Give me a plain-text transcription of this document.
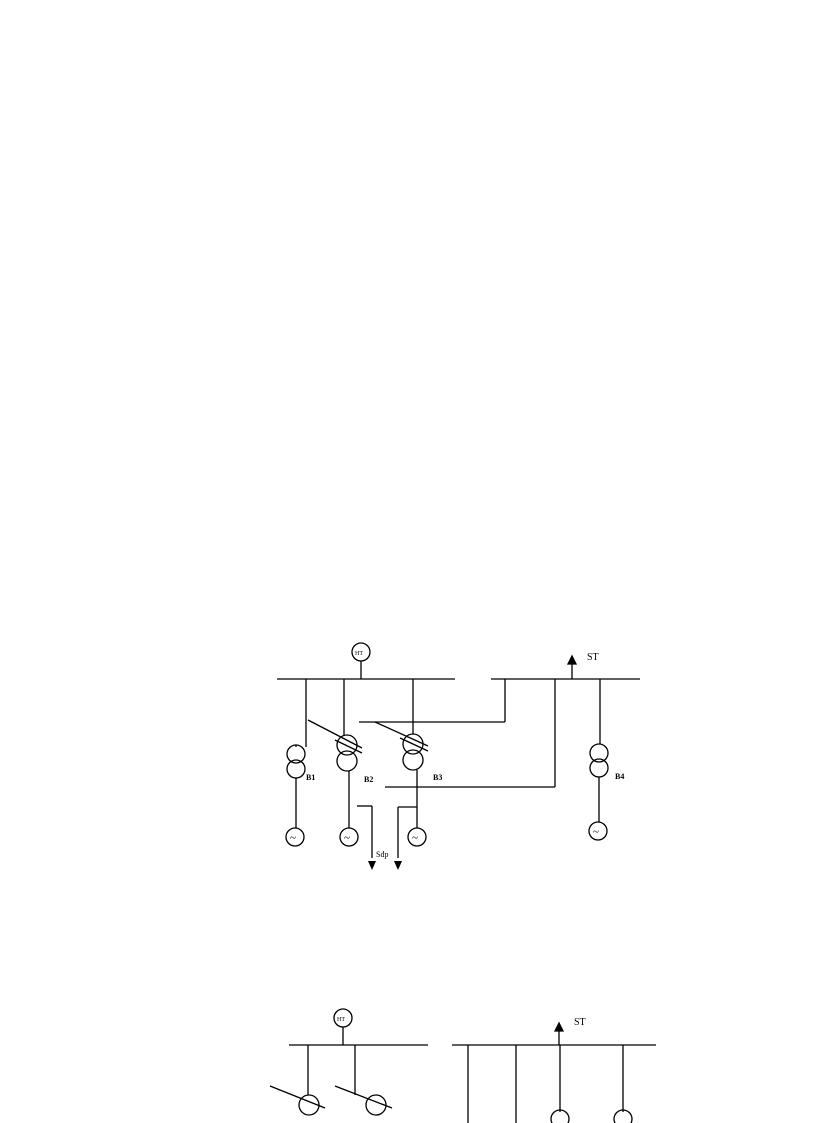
~	~	~	~
HT	ST
B1	B2	B3	B4
Sđp

HT	ST
